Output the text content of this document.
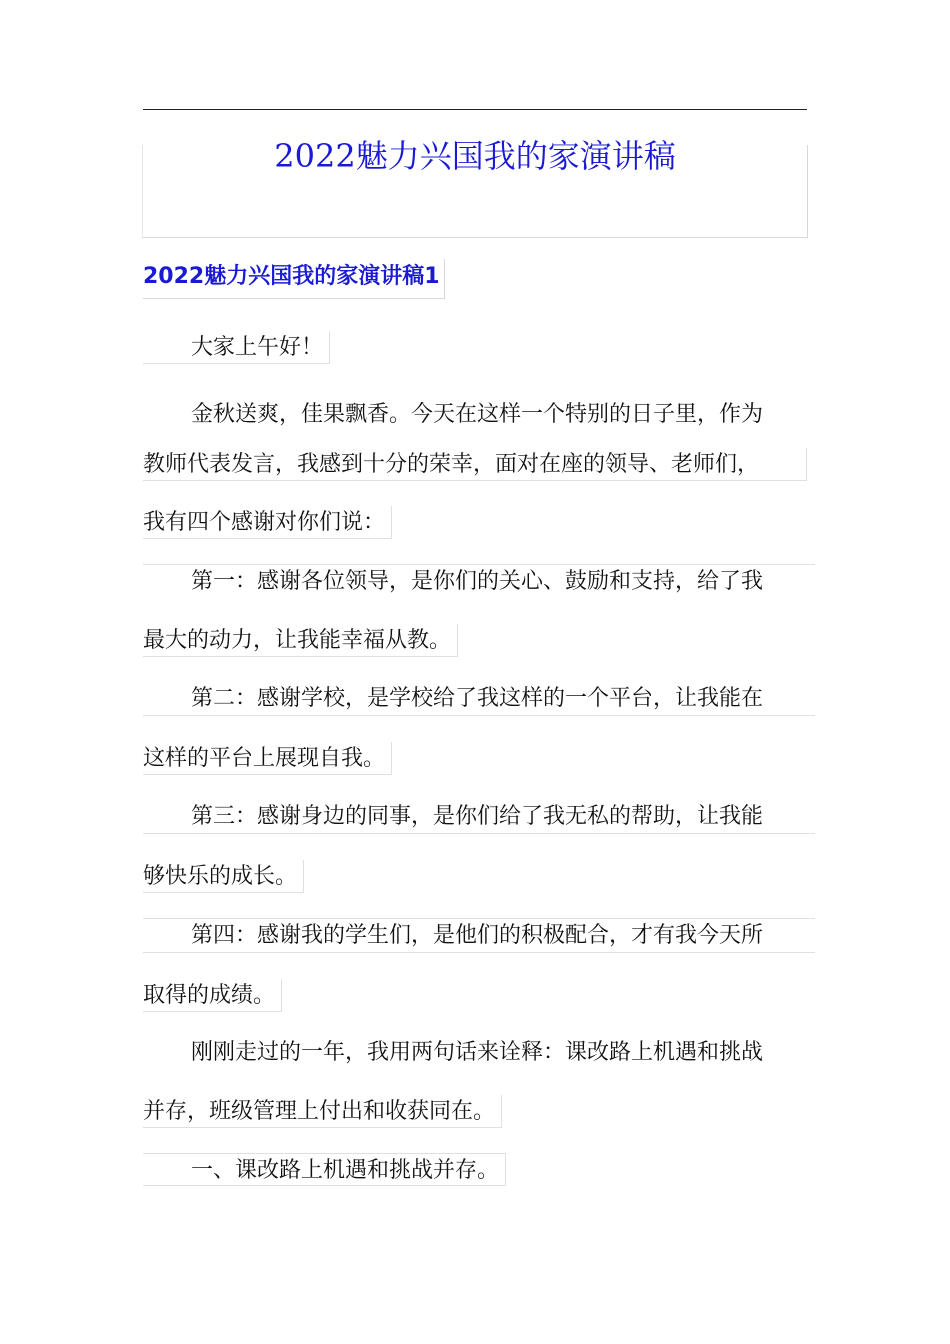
2022魅力兴国我的家演讲稿
2022魅力兴国我的家演讲稿1
大家上午好！
金秋送爽，佳果飘香。今天在这样一个特别的日子里，作为
教师代表发言，我感到十分的荣幸，面对在座的领导、老师们，
我有四个感谢对你们说：
第一：感谢各位领导，是你们的关心、鼓励和支持，给了我
最大的动力，让我能幸福从教。
第二：感谢学校，是学校给了我这样的一个平台，让我能在
这样的平台上展现自我。
第三：感谢身边的同事，是你们给了我无私的帮助，让我能
够快乐的成长。
第四：感谢我的学生们，是他们的积极配合，才有我今天所
取得的成绩。
刚刚走过的一年，我用两句话来诠释：课改路上机遇和挑战
并存，班级管理上付出和收获同在。
一、课改路上机遇和挑战并存。
